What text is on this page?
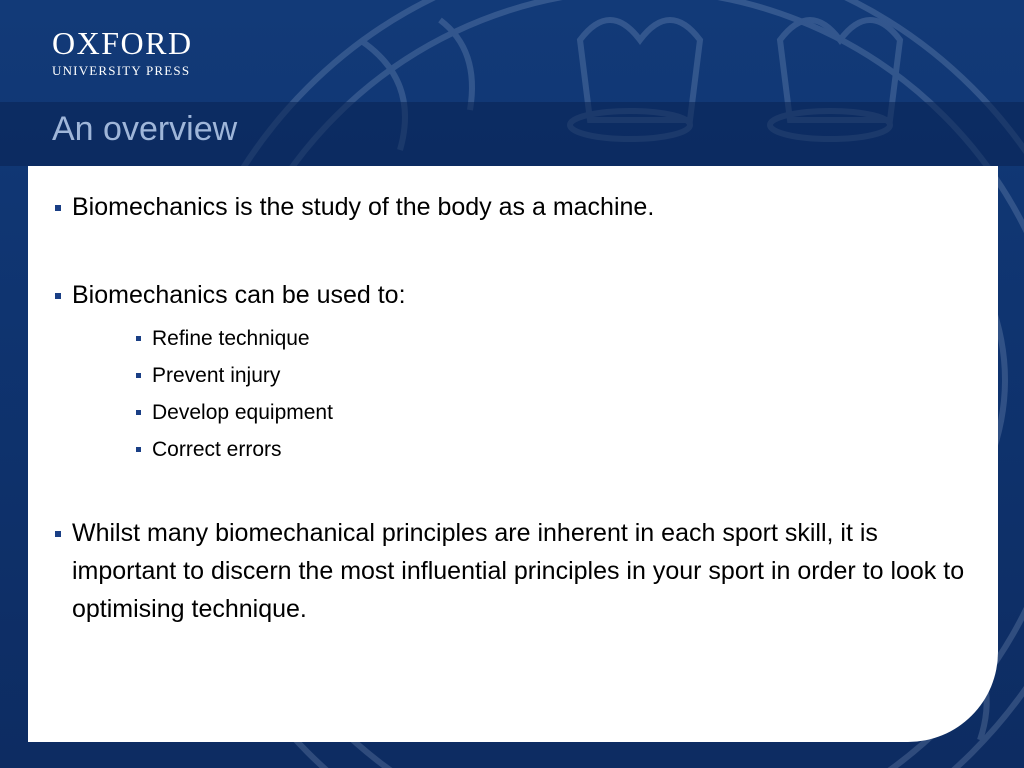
OXFORD
UNIVERSITY PRESS
An overview
Biomechanics is the study of the body as a machine.
Biomechanics can be used to:
Refine technique
Prevent injury
Develop equipment
Correct errors
Whilst many biomechanical principles are inherent in each sport skill, it is important to discern the most influential principles in your sport in order to look to optimising technique.
